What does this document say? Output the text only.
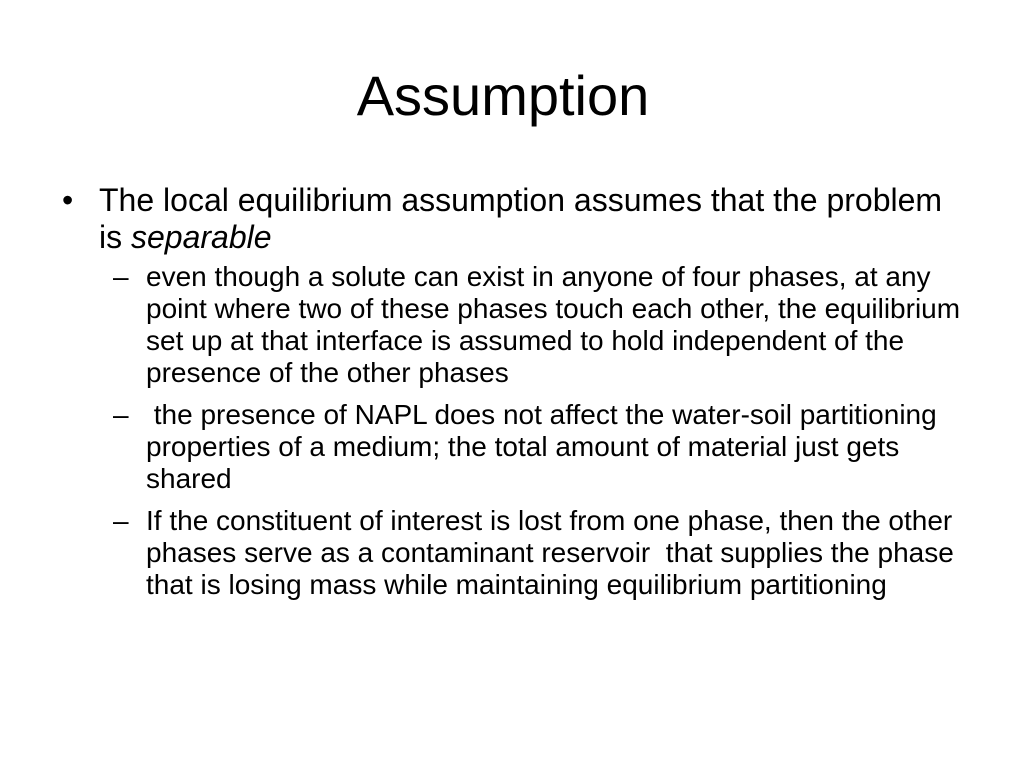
Assumption
• The local equilibrium assumption assumes that the problem is separable
– even though a solute can exist in anyone of four phases, at any point where two of these phases touch each other, the equilibrium set up at that interface is assumed to hold independent of the presence of the other phases
– the presence of NAPL does not affect the water-soil partitioning properties of a medium; the total amount of material just gets shared
– If the constituent of interest is lost from one phase, then the other phases serve as a contaminant reservoir  that supplies the phase that is losing mass while maintaining equilibrium partitioning
